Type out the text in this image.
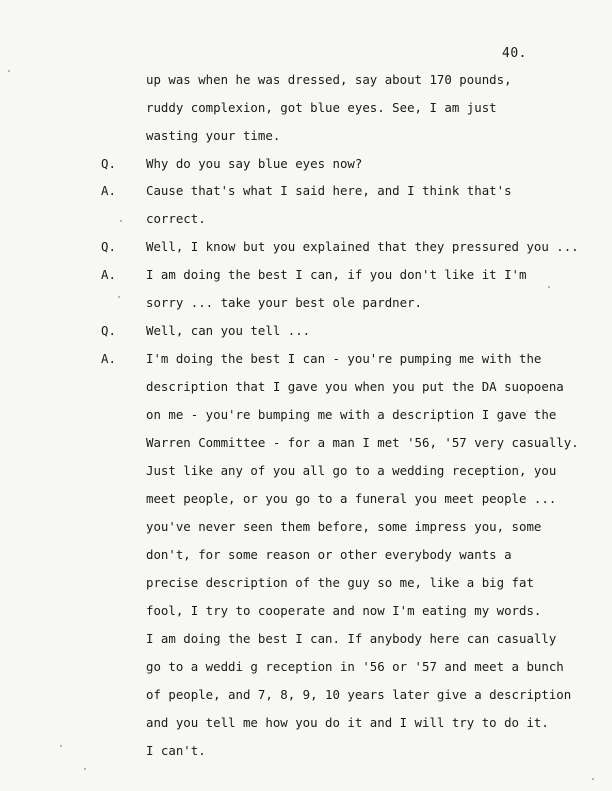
40.
up was when he was dressed, say about 170 pounds,
ruddy complexion, got blue eyes. See, I am just
wasting your time.
Q. Why do you say blue eyes now?
A. Cause that's what I said here, and I think that's
correct.
Q. Well, I know but you explained that they pressured you ...
A. I am doing the best I can, if you don't like it I'm
sorry ... take your best ole pardner.
Q. Well, can you tell ...
A. I'm doing the best I can - you're pumping me with the
description that I gave you when you put the DA suopoena
on me - you're bumping me with a description I gave the
Warren Committee - for a man I met '56, '57 very casually.
Just like any of you all go to a wedding reception, you
meet people, or you go to a funeral you meet people ...
you've never seen them before, some impress you, some
don't, for some reason or other everybody wants a
precise description of the guy so me, like a big fat
fool, I try to cooperate and now I'm eating my words.
I am doing the best I can. If anybody here can casually
go to a weddi g reception in '56 or '57 and meet a bunch
of people, and 7, 8, 9, 10 years later give a description
and you tell me how you do it and I will try to do it.
I can't.
